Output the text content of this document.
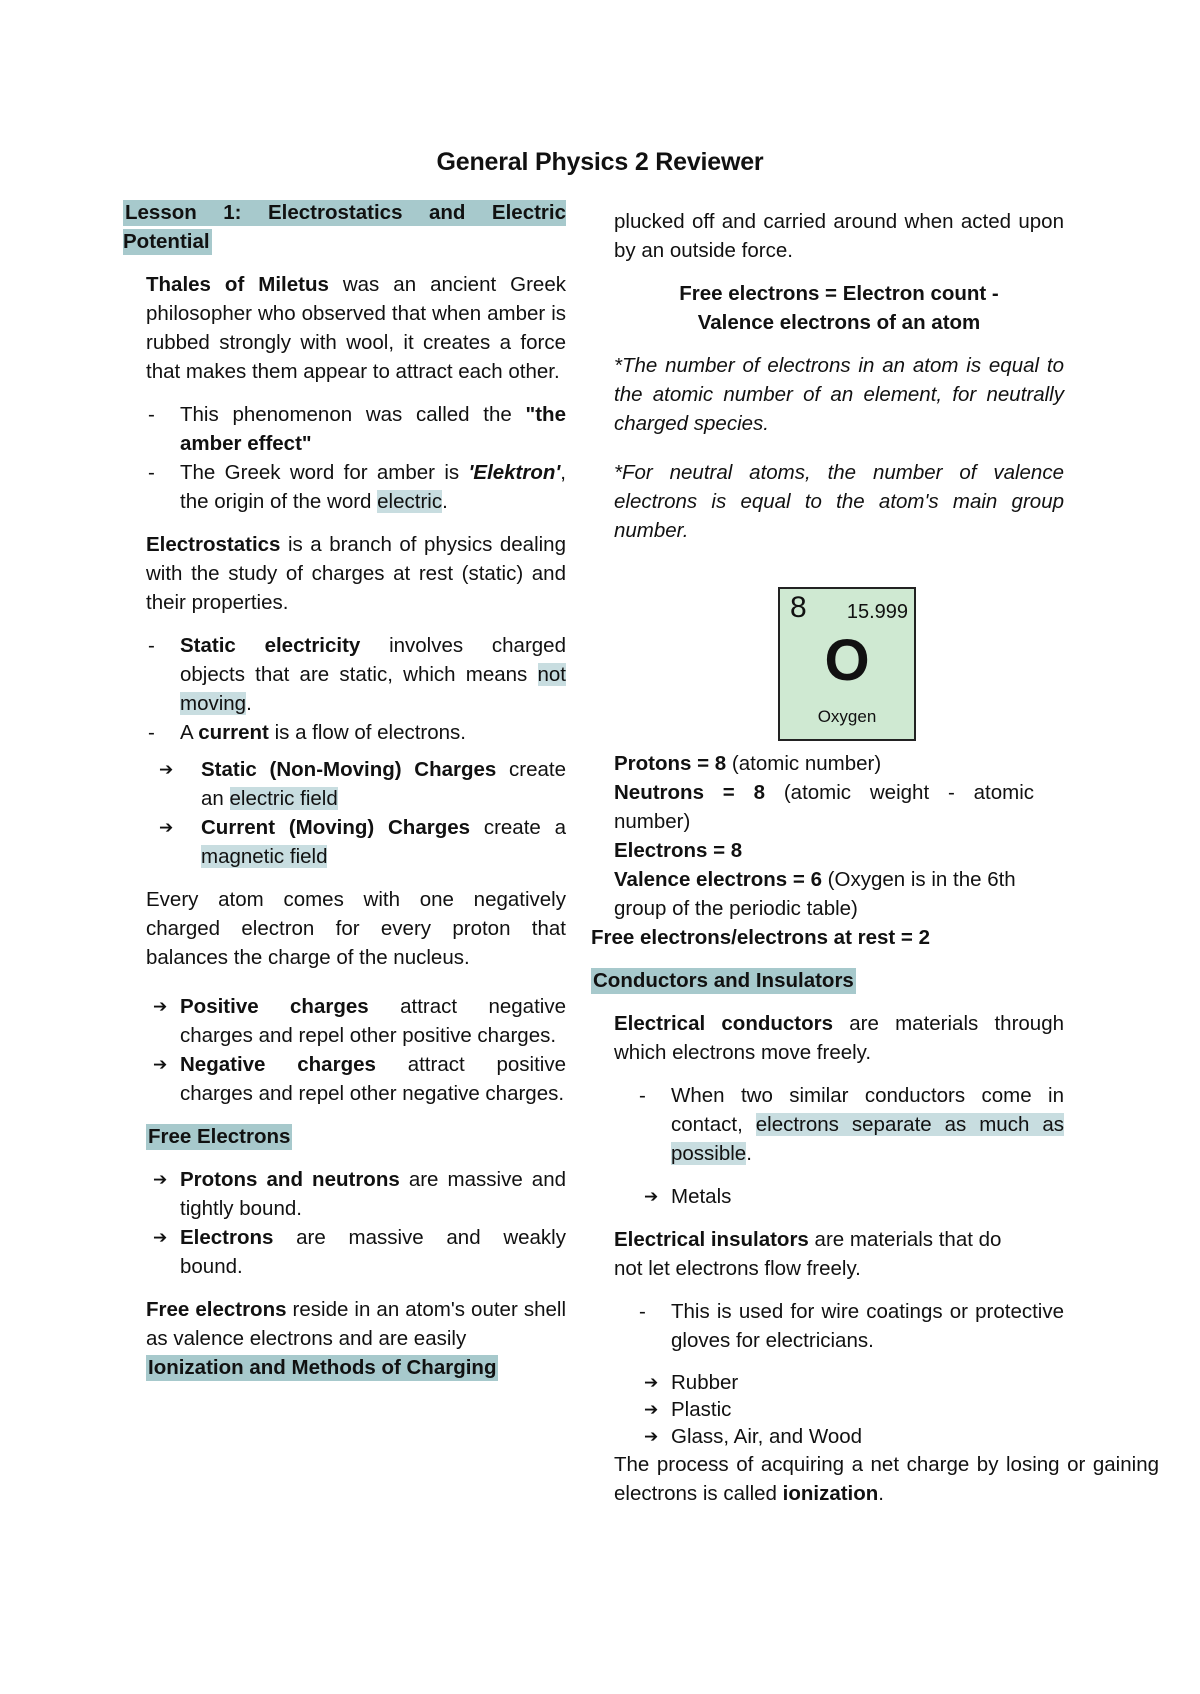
General Physics 2 Reviewer

Lesson 1: Electrostatics and Electric Potential

Thales of Miletus was an ancient Greek philosopher who observed that when amber is rubbed strongly with wool, it creates a force that makes them appear to attract each other.

- This phenomenon was called the "the amber effect"
- The Greek word for amber is 'Elektron', the origin of the word electric.

Electrostatics is a branch of physics dealing with the study of charges at rest (static) and their properties.

- Static electricity involves charged objects that are static, which means not moving.
- A current is a flow of electrons.
➔ Static (Non-Moving) Charges create an electric field
➔ Current (Moving) Charges create a magnetic field

Every atom comes with one negatively charged electron for every proton that balances the charge of the nucleus.

➔ Positive charges attract negative charges and repel other positive charges.
➔ Negative charges attract positive charges and repel other negative charges.

Free Electrons

➔ Protons and neutrons are massive and tightly bound.
➔ Electrons are massive and weakly bound.

Free electrons reside in an atom's outer shell as valence electrons and are easily

Ionization and Methods of Charging

plucked off and carried around when acted upon by an outside force.

Free electrons = Electron count -

Valence electrons of an atom

*The number of electrons in an atom is equal to the atomic number of an element, for neutrally charged species.

*For neutral atoms, the number of valence electrons is equal to the atom's main group number.

8 15.999
O
Oxygen

Protons = 8 (atomic number)

Neutrons = 8 (atomic weight - atomic number)

Electrons = 8

Valence electrons = 6 (Oxygen is in the 6th group of the periodic table)

Free electrons/electrons at rest = 2

Conductors and Insulators

Electrical conductors are materials through which electrons move freely.

- When two similar conductors come in contact, electrons separate as much as possible.
➔ Metals

Electrical insulators are materials that do not let electrons flow freely.

- This is used for wire coatings or protective gloves for electricians.
➔ Rubber
➔ Plastic
➔ Glass, Air, and Wood

The process of acquiring a net charge by losing or gaining electrons is called ionization.
